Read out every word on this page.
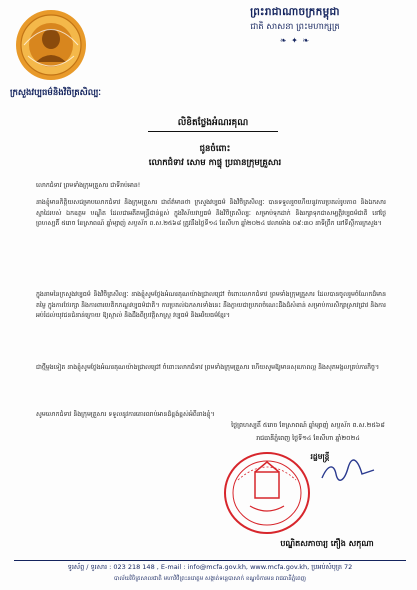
ព្រះរាជាណាចក្រកម្ពុជា
ជាតិ សាសនា ព្រះមហាក្សត្រ
❧ ✦ ❧
ក្រសួងវប្បធម៌និងវិចិត្រសិល្បៈ
លិខិតថ្លែងអំណរគុណ
ជូនចំពោះ
លោកជំទាវ សោម កាផ្ទុ ប្រធានក្រុមគ្រួសារ
លោកជំទាវ ព្រមទាំងក្រុមគ្រួសារ ជាទីរាប់អាន!
នាងខ្ញុំមានកិត្តិយសជម្រាបលោកជំទាវ និងក្រុមគ្រួសារ ជាព័ត៌មានថា ក្រសួងវប្បធម៌ និងវិចិត្រសិល្បៈ បានទទួលរួចហើយនូវការប្រគល់រូបភាព និងឯកសារស្នាដៃរបស់ ឯកឧត្តម បណ្ឌិត ដែលជាអតីតមន្ត្រីជាន់ខ្ពស់ ក្នុងវិស័យវប្បធម៌ និងវិចិត្រសិល្បៈ សម្រាប់ទុកដាក់ និងរក្សាទុកជាសម្បត្តិវប្បធម៌ជាតិ នៅថ្ងៃព្រហស្បតិ៍ ៥រោច ខែស្រាពណ៍ ឆ្នាំម្សាញ់ សប្តស័ក ព.ស.២៥៦៨ ត្រូវនឹងថ្ងៃទី១៤ ខែសីហា ឆ្នាំ២០២៤ វេលាម៉ោង ០៩:៣០ នាទីព្រឹក នៅទីស្តីការក្រសួង។
ក្នុងនាមនៃក្រសួងវប្បធម៌ និងវិចិត្រសិល្បៈ នាងខ្ញុំសូមថ្លែងអំណរគុណយ៉ាងជ្រាលជ្រៅ ចំពោះលោកជំទាវ ព្រមទាំងក្រុមគ្រួសារ ដែលបានចូលរួមចំណែកដ៏មានតម្លៃ ក្នុងការថែរក្សា និងការពារបេតិកភណ្ឌវប្បធម៌ជាតិ។ ការប្រគល់ឯកសារទាំងនេះ នឹងក្លាយជាប្រភពចំណេះដឹងដ៏សំខាន់ សម្រាប់ការសិក្សាស្រាវជ្រាវ និងការអប់រំដល់យុវជនជំនាន់ក្រោយ ឱ្យស្គាល់ និងដឹងពីប្រវត្តិសាស្ត្រ វប្បធម៌ និងអរិយធម៌ខ្មែរ។
ជាថ្មីម្តងទៀត នាងខ្ញុំសូមថ្លែងអំណរគុណយ៉ាងជ្រាលជ្រៅ ចំពោះលោកជំទាវ ព្រមទាំងក្រុមគ្រួសារ ហើយសូមឱ្យមានសុខភាពល្អ និងសុភមង្គលគ្រប់ភារកិច្ច។
សូមលោកជំទាវ និងក្រុមគ្រួសារ ទទួលនូវការគោរពរាប់អានដ៏ខ្ពង់ខ្ពស់អំពីនាងខ្ញុំ។
ថ្ងៃព្រហស្បតិ៍ ៥រោច ខែស្រាពណ៍ ឆ្នាំម្សាញ់ សប្តស័ក ព.ស.២៥៦៨
រាជធានីភ្នំពេញ ថ្ងៃទី១៤ ខែសីហា ឆ្នាំ២០២៤
រដ្ឋមន្ត្រី
បណ្ឌិតសភាចារ្យ ភឿង សកុណា
ទូរស័ព្ទ / ទូរសារ : 023 218 148 , E-mail : info@mcfa.gov.kh, www.mcfa.gov.kh, ប្រអប់សំបុត្រ 72
បាល័យវិចិត្រសាលជាតិ មហាវិថីព្រះនរោត្តម សង្កាត់ទន្លេបាសាក់ ខណ្ឌចំការមន រាជធានីភ្នំពេញ
